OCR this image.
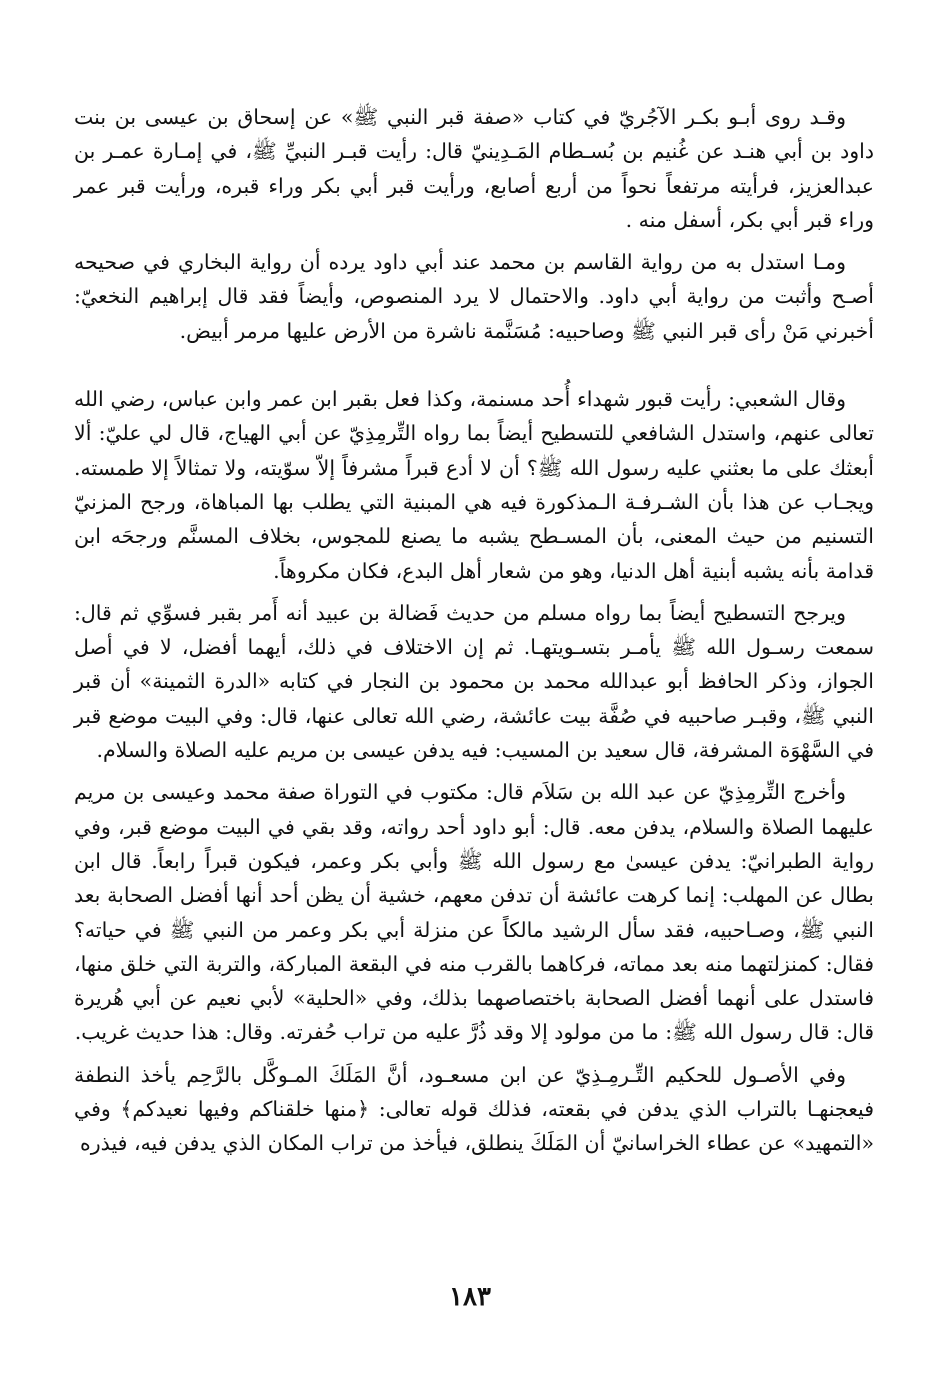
وقـد روى أبـو بكـر الآجُريّ في كتاب «صفة قبر النبي ﷺ» عن إسحاق بن عيسى بن بنت داود بن أبي هنـد عن غُنيم بن بُسـطام المَـدِينيّ قال: رأيت قبـر النبيِّ ﷺ، في إمـارة عمـر بن عبدالعزيز، فرأيته مرتفعاً نحواً من أربع أصابع، ورأيت قبر أبي بكر وراء قبره، ورأيت قبر عمر وراء قبر أبي بكر، أسفل منه .

ومـا استدل به من رواية القاسم بن محمد عند أبي داود يرده أن رواية البخاري في صحيحه أصـح وأثبت من رواية أبي داود. والاحتمال لا يرد المنصوص، وأيضاً فقد قال إبراهيم النخعيّ: أخبرني مَنْ رأى قبر النبي ﷺ وصاحبيه: مُسَنَّمة ناشرة من الأرض عليها مرمر أبيض.

وقال الشعبي: رأيت قبور شهداء أُحد مسنمة، وكذا فعل بقبر ابن عمر وابن عباس، رضي الله تعالى عنهم، واستدل الشافعي للتسطيح أيضاً بما رواه التِّرمِذِيّ عن أبي الهياج، قال لي عليّ: ألا أبعثك على ما بعثني عليه رسول الله ﷺ؟ أن لا أدع قبراً مشرفاً إلاّ سوّيته، ولا تمثالاً إلا طمسته. ويجـاب عن هذا بأن الشـرفـة الـمذكورة فيه هي المبنية التي يطلب بها المباهاة، ورجح المزنيّ التسنيم من حيث المعنى، بأن المسـطح يشبه ما يصنع للمجوس، بخلاف المسنَّم ورجحَه ابن قدامة بأنه يشبه أبنية أهل الدنيا، وهو من شعار أهل البدع، فكان مكروهاً.

ويرجح التسطيح أيضاً بما رواه مسلم من حديث فَضالة بن عبيد أنه أَمر بقبر فسوِّي ثم قال: سمعت رسـول الله ﷺ يأمـر بتسـويتهـا. ثم إن الاختلاف في ذلك، أيهما أفضل، لا في أصل الجواز، وذكر الحافظ أبو عبدالله محمد بن محمود بن النجار في كتابه «الدرة الثمينة» أن قبر النبي ﷺ، وقبـر صاحبيه في صُفَّة بيت عائشة، رضي الله تعالى عنها، قال: وفي البيت موضع قبر في السَّهْوَة المشرفة، قال سعيد بن المسيب: فيه يدفن عيسى بن مريم عليه الصلاة والسلام.

وأخرج التِّرمِذِيّ عن عبد الله بن سَلاَم قال: مكتوب في التوراة صفة محمد وعيسى بن مريم عليهما الصلاة والسلام، يدفن معه. قال: أبو داود أحد رواته، وقد بقي في البيت موضع قبر، وفي رواية الطبرانيّ: يدفن عيسىٰ مع رسول الله ﷺ وأبي بكر وعمر، فيكون قبراً رابعاً. قال ابن بطال عن المهلب: إنما كرهت عائشة أن تدفن معهم، خشية أن يظن أحد أنها أفضل الصحابة بعد النبي ﷺ، وصـاحبيه، فقد سأل الرشيد مالكاً عن منزلة أبي بكر وعمر من النبي ﷺ في حياته؟ فقال: كمنزلتهما منه بعد مماته، فركاهما بالقرب منه في البقعة المباركة، والتربة التي خلق منها، فاستدل على أنهما أفضل الصحابة باختصاصهما بذلك، وفي «الحلية» لأبي نعيم عن أبي هُريرة قال: قال رسول الله ﷺ: ما من مولود إلا وقد ذُرَّ عليه من تراب حُفرته. وقال: هذا حديث غريب.

وفي الأصـول للحكيم التِّـرمِـذِيّ عن ابن مسعـود، أنَّ المَلَكَ المـوكَّل بالرَّحِم يأخذ النطفة فيعجنهـا بالتراب الذي يدفن في بقعته، فذلك قوله تعالى: ﴿منها خلقناكم وفيها نعيدكم﴾ وفي «التمهيد» عن عطاء الخراسانيّ أن المَلَكَ ينطلق، فيأخذ من تراب المكان الذي يدفن فيه، فيذره

١٨٣
